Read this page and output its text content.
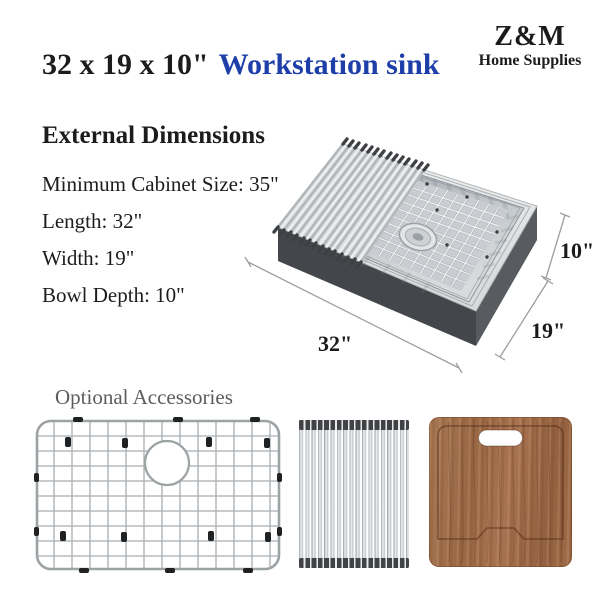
32 x 19 x 10" Workstation sink
Z&M
Home Supplies
External Dimensions
Minimum Cabinet Size: 35"
Length: 32"
Width: 19"
Bowl Depth: 10"
32"
19"
10"
Optional Accessories
